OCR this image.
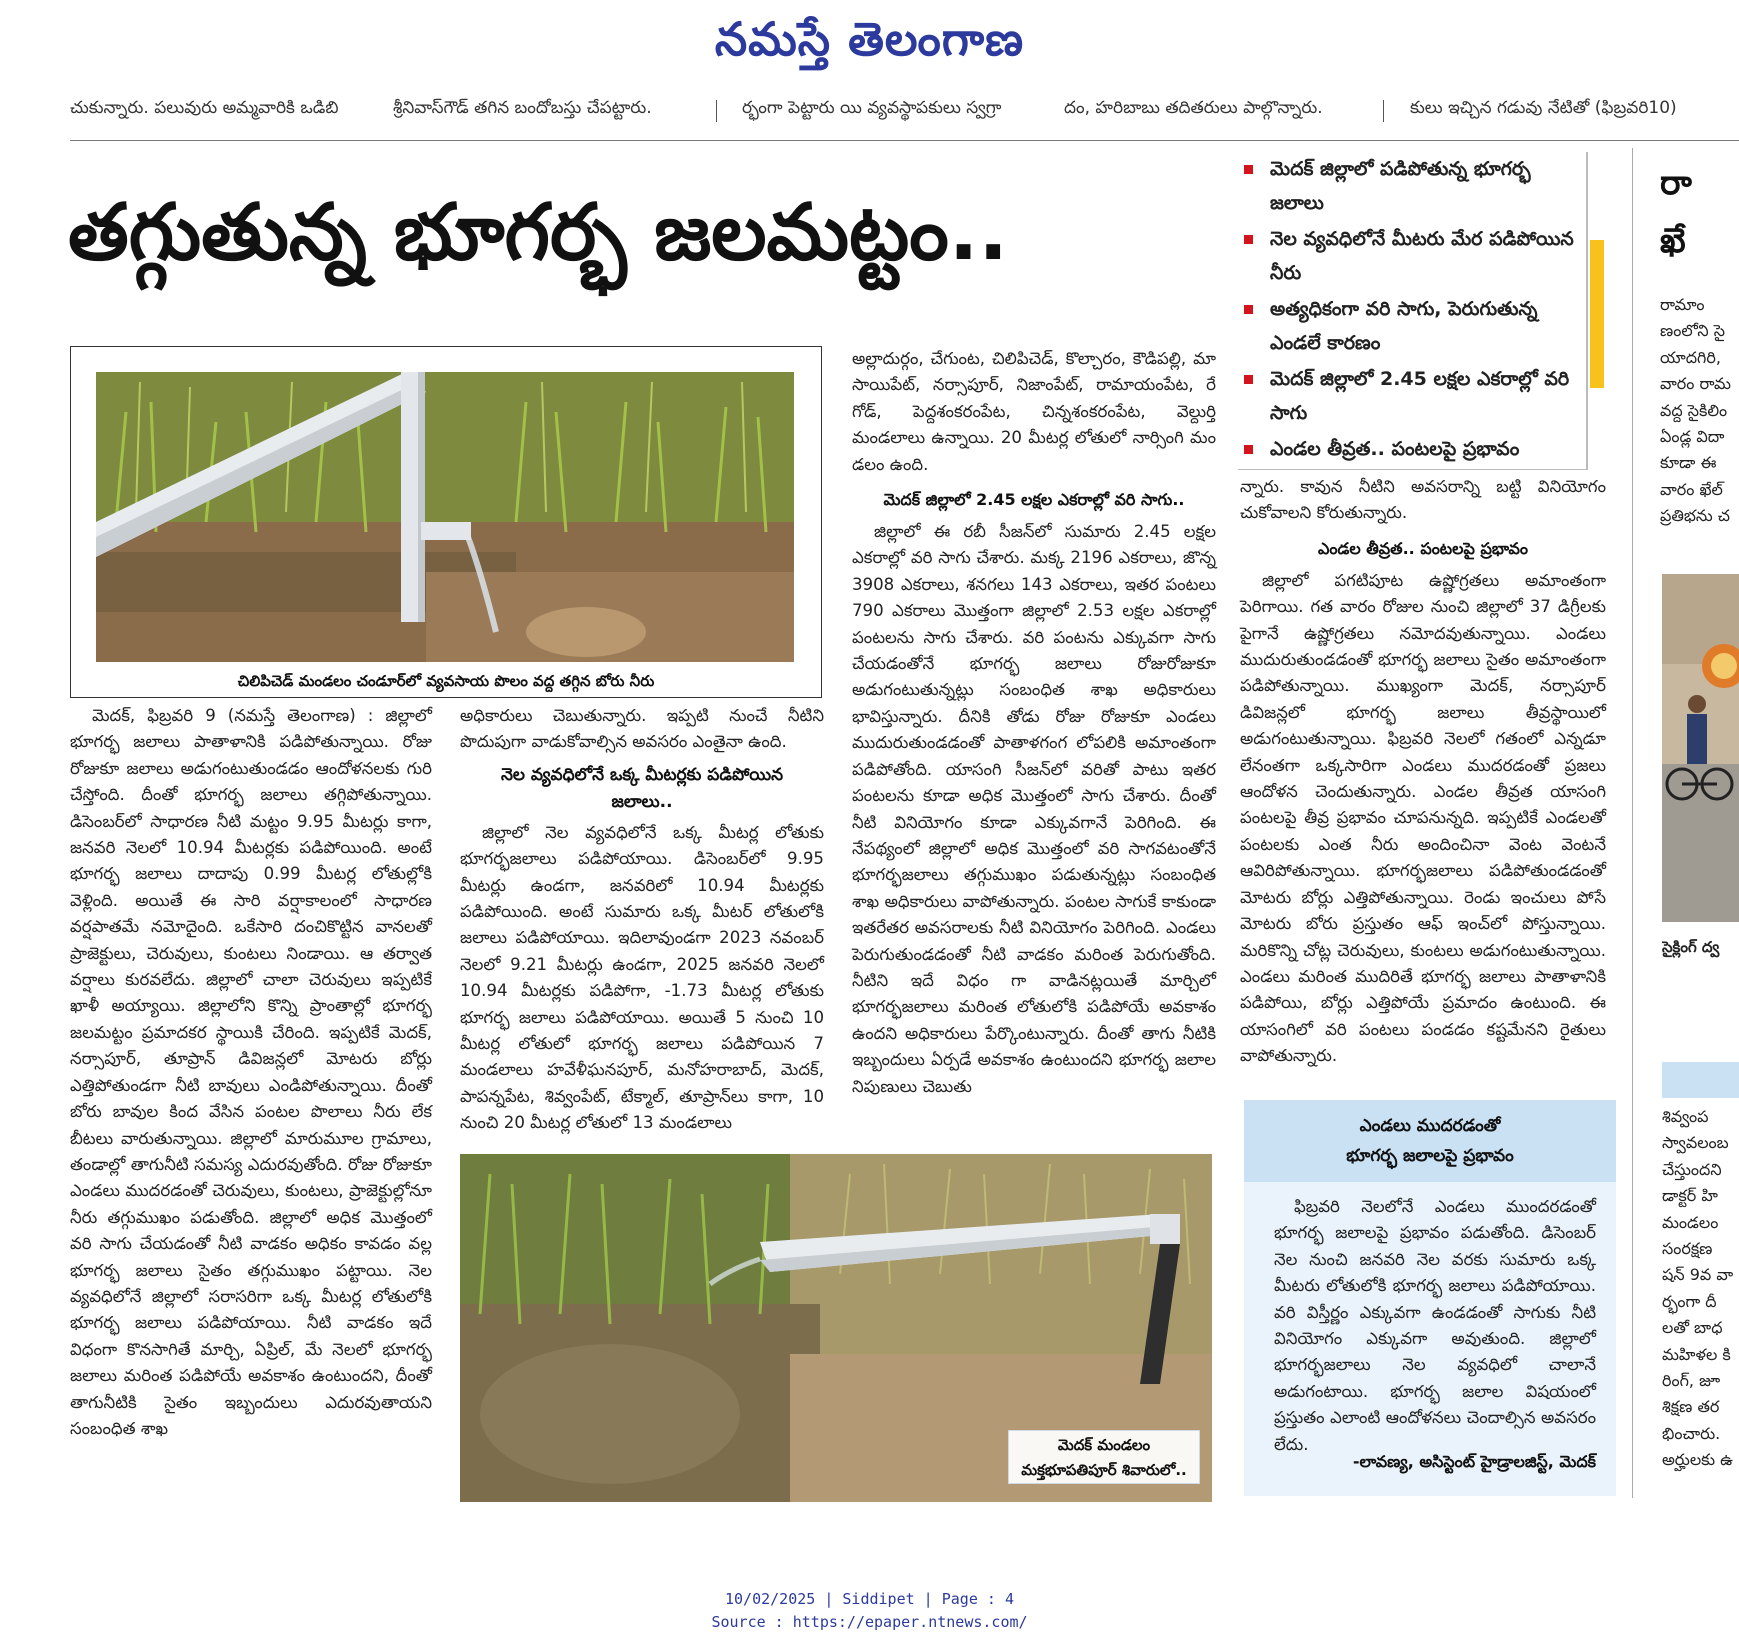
నమస్తే తెలంగాణ
చుకున్నారు. పలువురు అమ్మవారికి ఒడిబి	శ్రీనివాస్‌గౌడ్ తగిన బందోబస్తు చేపట్టారు.	ర్భంగా పెట్టారు యి వ్యవస్థాపకులు స్వగ్రా	దం, హరిబాబు తదితరులు పాల్గొన్నారు.	కులు ఇచ్చిన గడువు నేటితో (ఫిబ్రవరి10)
తగ్గుతున్న భూగర్భ జలమట్టం..
మెదక్ జిల్లాలో పడిపోతున్న భూగర్భ జలాలు
నెల వ్యవధిలోనే మీటరు మేర పడిపోయిన నీరు
అత్యధికంగా వరి సాగు, పెరుగుతున్న ఎండలే కారణం
మెదక్ జిల్లాలో 2.45 లక్షల ఎకరాల్లో వరి సాగు
ఎండల తీవ్రత.. పంటలపై ప్రభావం
చిలిపిచెడ్ మండలం చండూర్‌లో వ్యవసాయ పొలం వద్ద తగ్గిన బోరు నీరు

మెదక్, ఫిబ్రవరి 9 (నమస్తే తెలంగాణ) : జిల్లాలో భూగర్భ జలాలు పాతాళానికి పడిపోతున్నాయి. రోజు రోజుకూ జలాలు అడుగంటుతుండడం ఆందోళనలకు గురి చేస్తోంది. దీంతో భూగర్భ జలాలు తగ్గిపోతున్నాయి. డిసెంబర్‌లో సాధారణ నీటి మట్టం 9.95 మీటర్లు కాగా, జనవరి నెలలో 10.94 మీటర్లకు పడిపోయింది. అంటే భూగర్భ జలాలు దాదాపు 0.99 మీటర్ల లోతుల్లోకి వెళ్లింది. అయితే ఈ సారి వర్షాకాలంలో సాధారణ వర్షపాతమే నమోదైంది. ఒకేసారి దంచికొట్టిన వానలతో ప్రాజెక్టులు, చెరువులు, కుంటలు నిండాయి. ఆ తర్వాత వర్షాలు కురవలేదు. జిల్లాలో చాలా చెరువులు ఇప్పటికే ఖాళీ అయ్యాయి. జిల్లాలోని కొన్ని ప్రాంతాల్లో భూగర్భ జలమట్టం ప్రమాదకర స్థాయికి చేరింది. ఇప్పటికే మెదక్, నర్సాపూర్, తూప్రాన్ డివిజన్లలో మోటరు బోర్లు ఎత్తిపోతుండగా నీటి బావులు ఎండిపోతున్నాయి. దీంతో బోరు బావుల కింద వేసిన పంటల పొలాలు నీరు లేక బీటలు వారుతున్నాయి. జిల్లాలో మారుమూల గ్రామాలు, తండాల్లో తాగునీటి సమస్య ఎదురవుతోంది. రోజు రోజుకూ ఎండలు ముదరడంతో చెరువులు, కుంటలు, ప్రాజెక్టుల్లోనూ నీరు తగ్గుముఖం పడుతోంది. జిల్లాలో అధిక మొత్తంలో వరి సాగు చేయడంతో నీటి వాడకం అధికం కావడం వల్ల భూగర్భ జలాలు సైతం తగ్గుముఖం పట్టాయి. నెల వ్యవధిలోనే జిల్లాలో సరాసరిగా ఒక్క మీటర్ల లోతులోకి భూగర్భ జలాలు పడిపోయాయి. నీటి వాడకం ఇదే విధంగా కొనసాగితే మార్చి, ఏప్రిల్, మే నెలలో భూగర్భ జలాలు మరింత పడిపోయే అవకాశం ఉంటుందని, దీంతో తాగునీటికి సైతం ఇబ్బందులు ఎదురవుతాయని సంబంధిత శాఖ

అధికారులు చెబుతున్నారు. ఇప్పటి నుంచే నీటిని పొదుపుగా వాడుకోవాల్సిన అవసరం ఎంతైనా ఉంది.

నెల వ్యవధిలోనే ఒక్క మీటర్లకు పడిపోయిన జలాలు..

జిల్లాలో నెల వ్యవధిలోనే ఒక్క మీటర్ల లోతుకు భూగర్భజలాలు పడిపోయాయి. డిసెంబర్‌లో 9.95 మీటర్లు ఉండగా, జనవరిలో 10.94 మీటర్లకు పడిపోయింది. అంటే సుమారు ఒక్క మీటర్ లోతులోకి జలాలు పడిపోయాయి. ఇదిలావుండగా 2023 నవంబర్ నెలలో 9.21 మీటర్లు ఉండగా, 2025 జనవరి నెలలో 10.94 మీటర్లకు పడిపోగా, -1.73 మీటర్ల లోతుకు భూగర్భ జలాలు పడిపోయాయి. అయితే 5 నుంచి 10 మీటర్ల లోతులో భూగర్భ జలాలు పడిపోయిన 7 మండలాలు హవేళీఘనపూర్, మనోహరాబాద్, మెదక్, పాపన్నపేట, శివ్వంపేట్, టేక్మాల్, తూప్రాన్‌లు కాగా, 10 నుంచి 20 మీటర్ల లోతులో 13 మండలాలు

అల్లాదుర్గం, చేగుంట, చిలిపిచెడ్, కొల్చారం, కౌడిపల్లి, మా సాయిపేట్, నర్సాపూర్, నిజాంపేట్, రామాయంపేట, రే గోడ్, పెద్దశంకరంపేట, చిన్నశంకరంపేట, వెల్దుర్తి మండలాలు ఉన్నాయి. 20 మీటర్ల లోతులో నార్సింగి మం డలం ఉంది.

మెదక్ జిల్లాలో 2.45 లక్షల ఎకరాల్లో వరి సాగు..

జిల్లాలో ఈ రబీ సీజన్‌లో సుమారు 2.45 లక్షల ఎకరాల్లో వరి సాగు చేశారు. మక్క 2196 ఎకరాలు, జొన్న 3908 ఎకరాలు, శనగలు 143 ఎకరాలు, ఇతర పంటలు 790 ఎకరాలు మొత్తంగా జిల్లాలో 2.53 లక్షల ఎకరాల్లో పంటలను సాగు చేశారు. వరి పంటను ఎక్కువగా సాగు చేయడంతోనే భూగర్భ జలాలు రోజురోజుకూ అడుగంటుతున్నట్లు సంబంధిత శాఖ అధికారులు భావిస్తున్నారు. దీనికి తోడు రోజు రోజుకూ ఎండలు ముదురుతుండడంతో పాతాళగంగ లోపలికి అమాంతంగా పడిపోతోంది. యాసంగి సీజన్‌లో వరితో పాటు ఇతర పంటలను కూడా అధిక మొత్తంలో సాగు చేశారు. దీంతో నీటి వినియోగం కూడా ఎక్కువగానే పెరిగింది. ఈ నేపథ్యంలో జిల్లాలో అధిక మొత్తంలో వరి సాగవటంతోనే భూగర్భజలాలు తగ్గుముఖం పడుతున్నట్లు సంబంధిత శాఖ అధికారులు వాపోతున్నారు. పంటల సాగుకే కాకుండా ఇతరేతర అవసరాలకు నీటి వినియోగం పెరిగింది. ఎండలు పెరుగుతుండడంతో నీటి వాడకం మరింత పెరుగుతోంది. నీటిని ఇదే విధం గా వాడినట్లయితే మార్చిలో భూగర్భజలాలు మరింత లోతులోకి పడిపోయే అవకాశం ఉందని అధికారులు పేర్కొంటున్నారు. దీంతో తాగు నీటికి ఇబ్బందులు ఏర్పడే అవకాశం ఉంటుందని భూగర్భ జలాల నిపుణులు చెబుతు

న్నారు. కావున నీటిని అవసరాన్ని బట్టి వినియోగం చుకోవాలని కోరుతున్నారు.

ఎండల తీవ్రత.. పంటలపై ప్రభావం

జిల్లాలో పగటిపూట ఉష్ణోగ్రతలు అమాంతంగా పెరిగాయి. గత వారం రోజుల నుంచి జిల్లాలో 37 డిగ్రీలకు పైగానే ఉష్ణోగ్రతలు నమోదవుతున్నాయి. ఎండలు ముదురుతుండడంతో భూగర్భ జలాలు సైతం అమాంతంగా పడిపోతున్నాయి. ముఖ్యంగా మెదక్, నర్సాపూర్ డివిజన్లలో భూగర్భ జలాలు తీవ్రస్థాయిలో అడుగంటుతున్నాయి. ఫిబ్రవరి నెలలో గతంలో ఎన్నడూ లేనంతగా ఒక్కసారిగా ఎండలు ముదరడంతో ప్రజలు ఆందోళన చెందుతున్నారు. ఎండల తీవ్రత యాసంగి పంటలపై తీవ్ర ప్రభావం చూపనున్నది. ఇప్పటికే ఎండలతో పంటలకు ఎంత నీరు అందించినా వెంట వెంటనే ఆవిరిపోతున్నాయి. భూగర్భజలాలు పడిపోతుండడంతో మోటరు బోర్లు ఎత్తిపోతున్నాయి. రెండు ఇంచులు పోసే మోటరు బోరు ప్రస్తుతం ఆఫ్ ఇంచ్‌లో పోస్తున్నాయి. మరికొన్ని చోట్ల చెరువులు, కుంటలు అడుగంటుతున్నాయి. ఎండలు మరింత ముదిరితే భూగర్భ జలాలు పాతాళానికి పడిపోయి, బోర్లు ఎత్తిపోయే ప్రమాదం ఉంటుంది. ఈ యాసంగిలో వరి పంటలు పండడం కష్టమేనని రైతులు వాపోతున్నారు.

మెదక్ మండలం
మక్తభూపతిపూర్ శివారులో..
ఎండలు ముదరడంతో
భూగర్భ జలాలపై ప్రభావం

ఫిబ్రవరి నెలలోనే ఎండలు ముందరడంతో భూగర్భ జలాలపై ప్రభావం పడుతోంది. డిసెంబర్ నెల నుంచి జనవరి నెల వరకు సుమారు ఒక్క మీటరు లోతులోకి భూగర్భ జలాలు పడిపోయాయి. వరి విస్తీర్ణం ఎక్కువగా ఉండడంతో సాగుకు నీటి వినియోగం ఎక్కువగా అవుతుంది. జిల్లాలో భూగర్భజలాలు నెల వ్యవధిలో చాలానే అడుగంటాయి. భూగర్భ జలాల విషయంలో ప్రస్తుతం ఎలాంటి ఆందోళనలు చెందాల్సిన అవసరం లేదు.

-లావణ్య, అసిస్టెంట్ హైడ్రాలజిస్ట్, మెదక్
రా
ఖే
రామాం
ణంలోని సై
యాదగిరి,
వారం రామ
వద్ద సైకిలిం
ఏండ్ల విదా
కూడా ఈ
వారం ఖేల్
ప్రతిభను చ
సైక్లింగ్ ద్వ
శివ్వంప
స్వావలంబ
చేస్తుందని
డాక్టర్ హి
మండలం
సంరక్షణ
షన్ 9వ వా
ర్భంగా దీ
లతో బాధ
మహిళల కి
రింగ్, జూ
శిక్షణ తర
భించారు.
అర్హులకు ఉ
10/02/2025 | Siddipet | Page : 4
Source : https://epaper.ntnews.com/
